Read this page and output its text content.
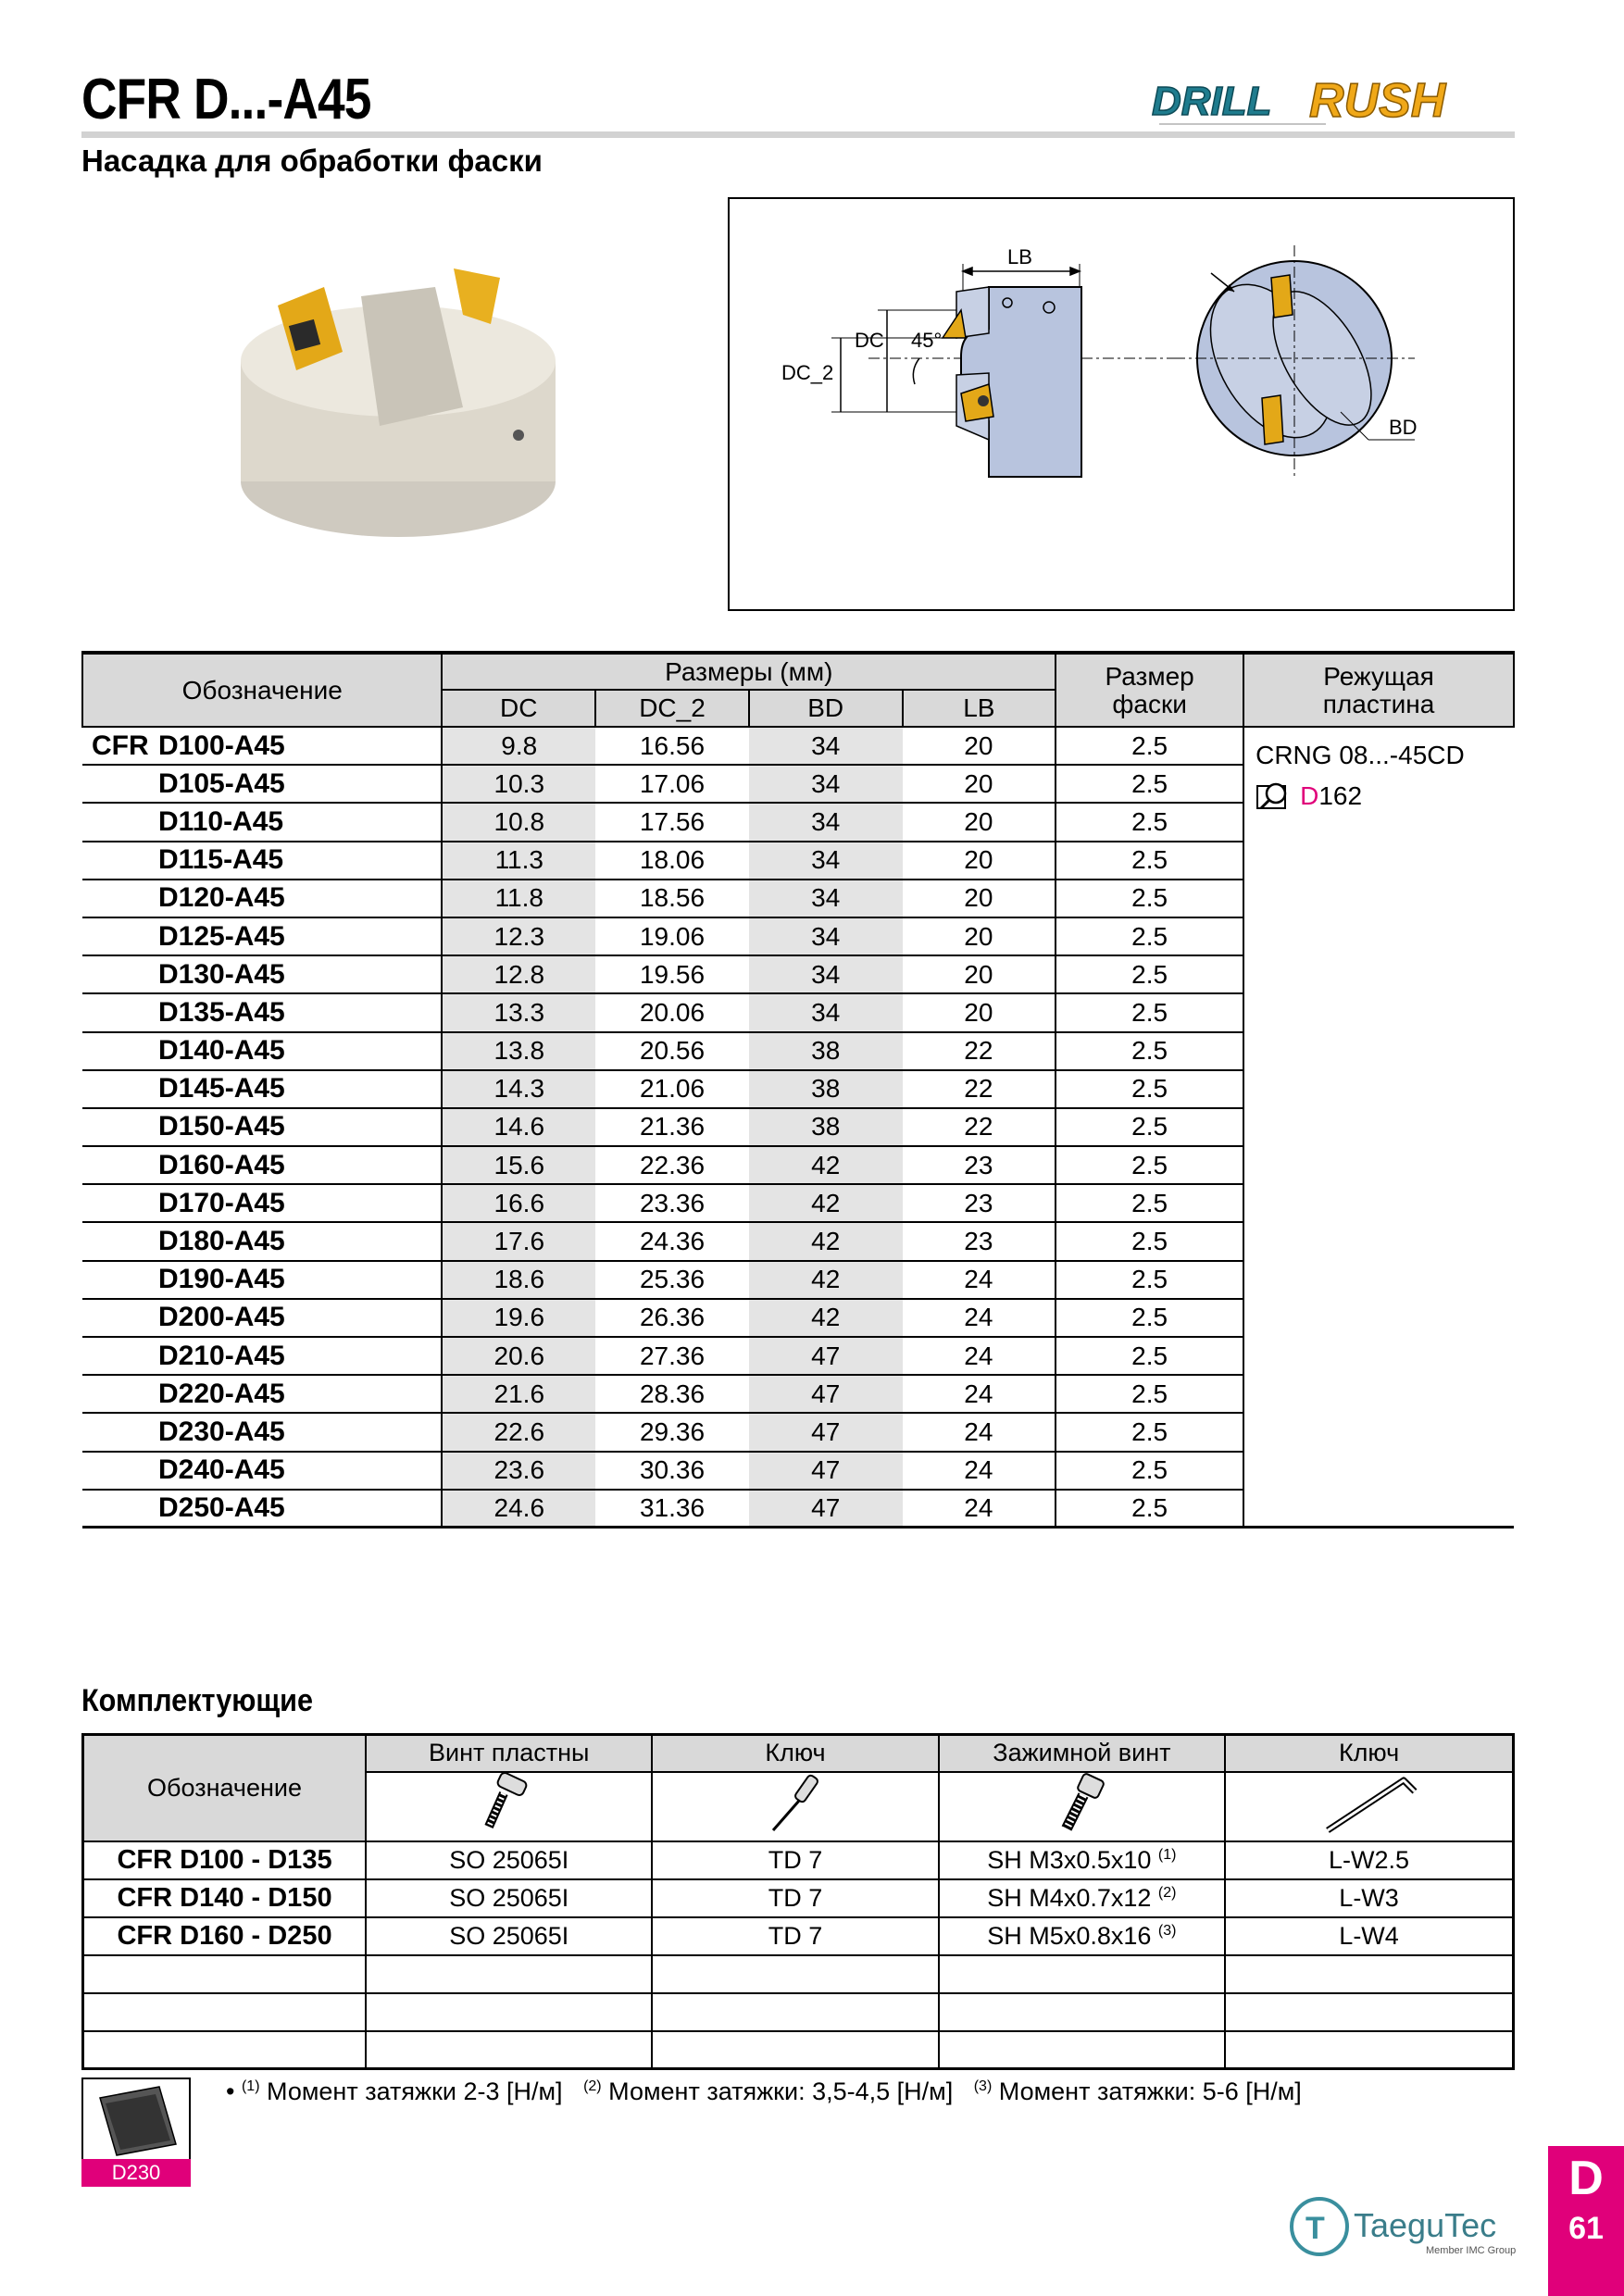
CFR D...-A45
Насадка для обработки фаски
DRILL RUSH
LB
DC
DC_2
45°
BD
Обозначение	Размеры (мм)				Размер фаски	Режущая пластина
	DC	DC_2	BD	LB		
CFR D100-A45	9.8	16.56	34	20	2.5	CRNG 08...-45CD
D162

D105-A45	10.3	17.06	34	20	2.5	
D110-A45	10.8	17.56	34	20	2.5	
D115-A45	11.3	18.06	34	20	2.5	
D120-A45	11.8	18.56	34	20	2.5	
D125-A45	12.3	19.06	34	20	2.5	
D130-A45	12.8	19.56	34	20	2.5	
D135-A45	13.3	20.06	34	20	2.5	
D140-A45	13.8	20.56	38	22	2.5	
D145-A45	14.3	21.06	38	22	2.5	
D150-A45	14.6	21.36	38	22	2.5	
D160-A45	15.6	22.36	42	23	2.5	
D170-A45	16.6	23.36	42	23	2.5	
D180-A45	17.6	24.36	42	23	2.5	
D190-A45	18.6	25.36	42	24	2.5	
D200-A45	19.6	26.36	42	24	2.5	
D210-A45	20.6	27.36	47	24	2.5	
D220-A45	21.6	28.36	47	24	2.5	
D230-A45	22.6	29.36	47	24	2.5	
D240-A45	23.6	30.36	47	24	2.5	
D250-A45	24.6	31.36	47	24	2.5	
Комплектующие
Обозначение	Винт пластны	Ключ	Зажимной винт	Ключ

CFR D100 - D135	SO 25065I	TD 7	SH M3x0.5x10 $^{(1)}$	L-W2.5
CFR D140 - D150	SO 25065I	TD 7	SH M4x0.7x12 $^{(2)}$	L-W3
CFR D160 - D250	SO 25065I	TD 7	SH M5x0.8x16 $^{(3)}$	L-W4

D230
• $^{(1)}$ Момент затяжки 2-3 [Н/м] $^{(2)}$ Момент затяжки: 3,5-4,5 [Н/м] $^{(3)}$ Момент затяжки: 5-6 [Н/м]
T TaeguTec
Member IMC Group
D
61
